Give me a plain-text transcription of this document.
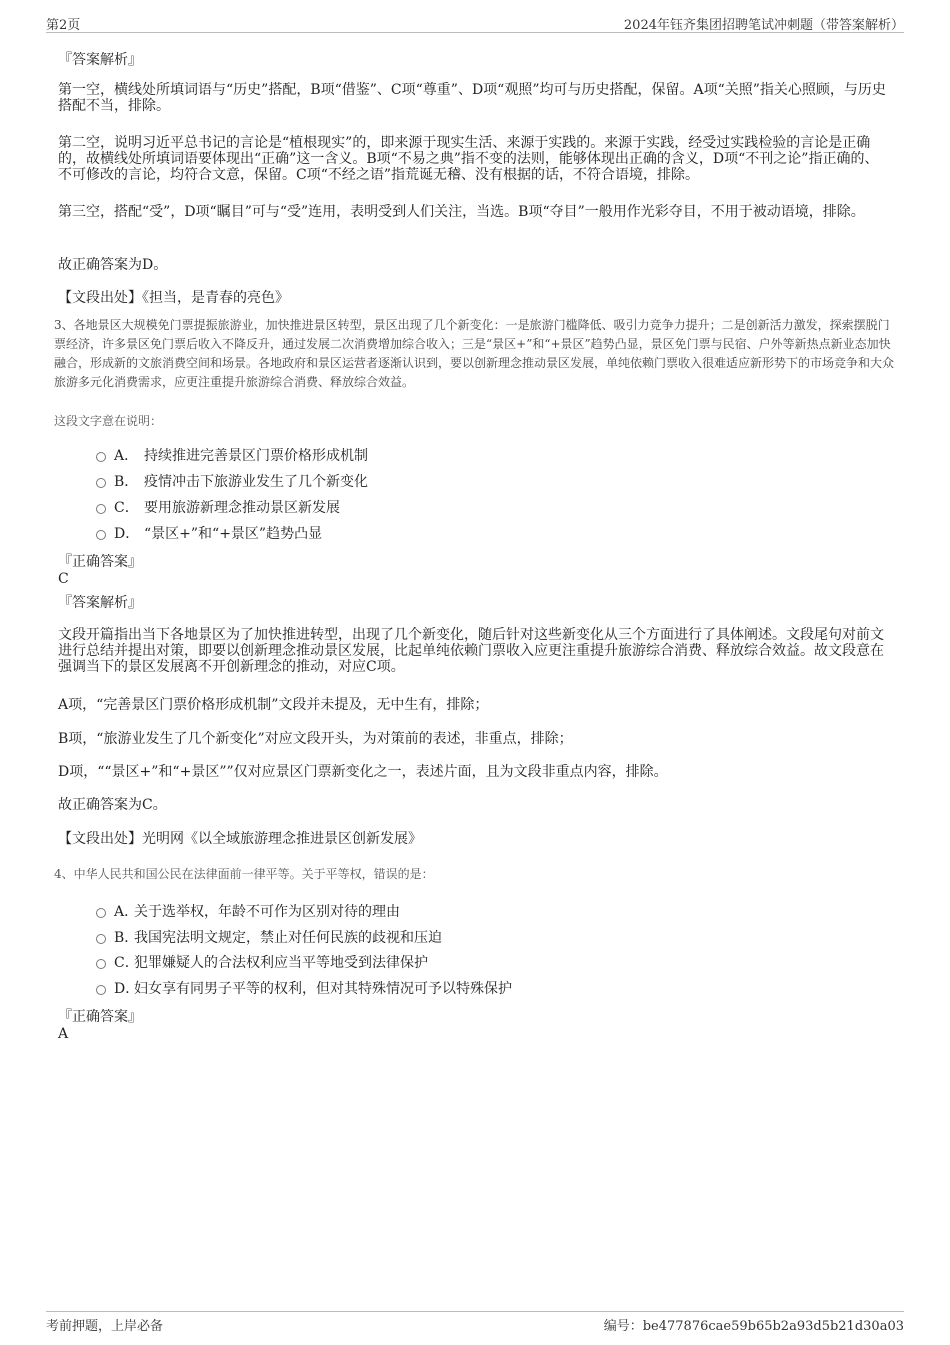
第2页	2024年钰齐集团招聘笔试冲刺题（带答案解析）
『答案解析』
第一空，横线处所填词语与“历史”搭配，B项“借鉴”、C项“尊重”、D项“观照”均可与历史搭配，保留。A项“关照”指关心照顾，与历史搭配不当，排除。
第二空，说明习近平总书记的言论是“植根现实”的，即来源于现实生活、来源于实践的。来源于实践，经受过实践检验的言论是正确的，故横线处所填词语要体现出“正确”这一含义。B项“不易之典”指不变的法则，能够体现出正确的含义，D项“不刊之论”指正确的、不可修改的言论，均符合文意，保留。C项“不经之语”指荒诞无稽、没有根据的话，不符合语境，排除。
第三空，搭配“受”，D项“瞩目”可与“受”连用，表明受到人们关注，当选。B项“夺目”一般用作光彩夺目，不用于被动语境，排除。
故正确答案为D。
【文段出处】《担当，是青春的亮色》
3、各地景区大规模免门票提振旅游业，加快推进景区转型，景区出现了几个新变化：一是旅游门槛降低、吸引力竞争力提升；二是创新活力激发，探索摆脱门票经济，许多景区免门票后收入不降反升，通过发展二次消费增加综合收入；三是“景区+”和“+景区”趋势凸显，景区免门票与民宿、户外等新热点新业态加快融合，形成新的文旅消费空间和场景。各地政府和景区运营者逐渐认识到，要以创新理念推动景区发展，单纯依赖门票收入很难适应新形势下的市场竞争和大众旅游多元化消费需求，应更注重提升旅游综合消费、释放综合效益。
这段文字意在说明：
A． 持续推进完善景区门票价格形成机制
B． 疫情冲击下旅游业发生了几个新变化
C． 要用旅游新理念推动景区新发展
D． “景区+”和“+景区”趋势凸显
『正确答案』
C
『答案解析』
文段开篇指出当下各地景区为了加快推进转型，出现了几个新变化，随后针对这些新变化从三个方面进行了具体阐述。文段尾句对前文进行总结并提出对策，即要以创新理念推动景区发展，比起单纯依赖门票收入应更注重提升旅游综合消费、释放综合效益。故文段意在强调当下的景区发展离不开创新理念的推动，对应C项。
A项，“完善景区门票价格形成机制”文段并未提及，无中生有，排除；
B项，“旅游业发生了几个新变化”对应文段开头，为对策前的表述，非重点，排除；
D项，““景区+”和“+景区””仅对应景区门票新变化之一，表述片面，且为文段非重点内容，排除。
故正确答案为C。
【文段出处】光明网《以全域旅游理念推进景区创新发展》
4、中华人民共和国公民在法律面前一律平等。关于平等权，错误的是：
A．
关于选举权，年龄不可作为区别对待的理由
B．
我国宪法明文规定，禁止对任何民族的歧视和压迫
C．
犯罪嫌疑人的合法权利应当平等地受到法律保护
D．
妇女享有同男子平等的权利，但对其特殊情况可予以特殊保护
『正确答案』
A
考前押题，上岸必备	编号：be477876cae59b65b2a93d5b21d30a03
